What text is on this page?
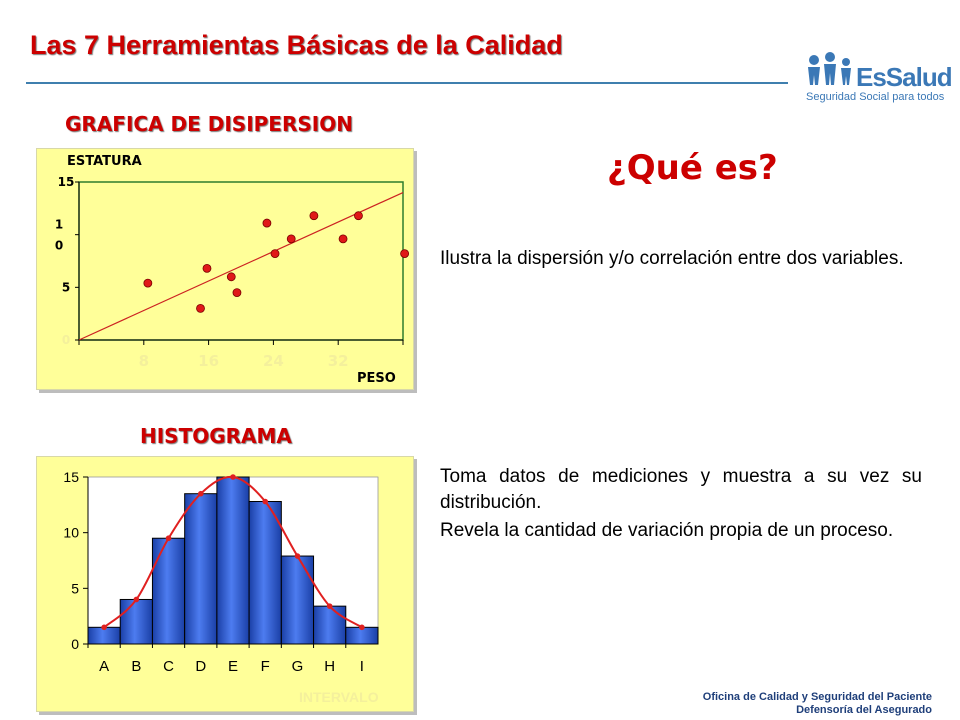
Las 7 Herramientas Básicas de la Calidad
EsSalud
Seguridad Social para todos
GRAFICA DE DISIPERSION
8	16	24	32
15
1
0
5
0
ESTATURA
PESO
¿Qué es?

Ilustra la dispersión y/o correlación entre dos variables.

HISTOGRAMA
0
5
10
15
A B C D E F G H I
INTERVALO

Toma datos de mediciones y muestra a su vez su distribución.

Revela la cantidad de variación propia de un proceso.

Oficina de Calidad y Seguridad del Paciente
Defensoría del Asegurado
